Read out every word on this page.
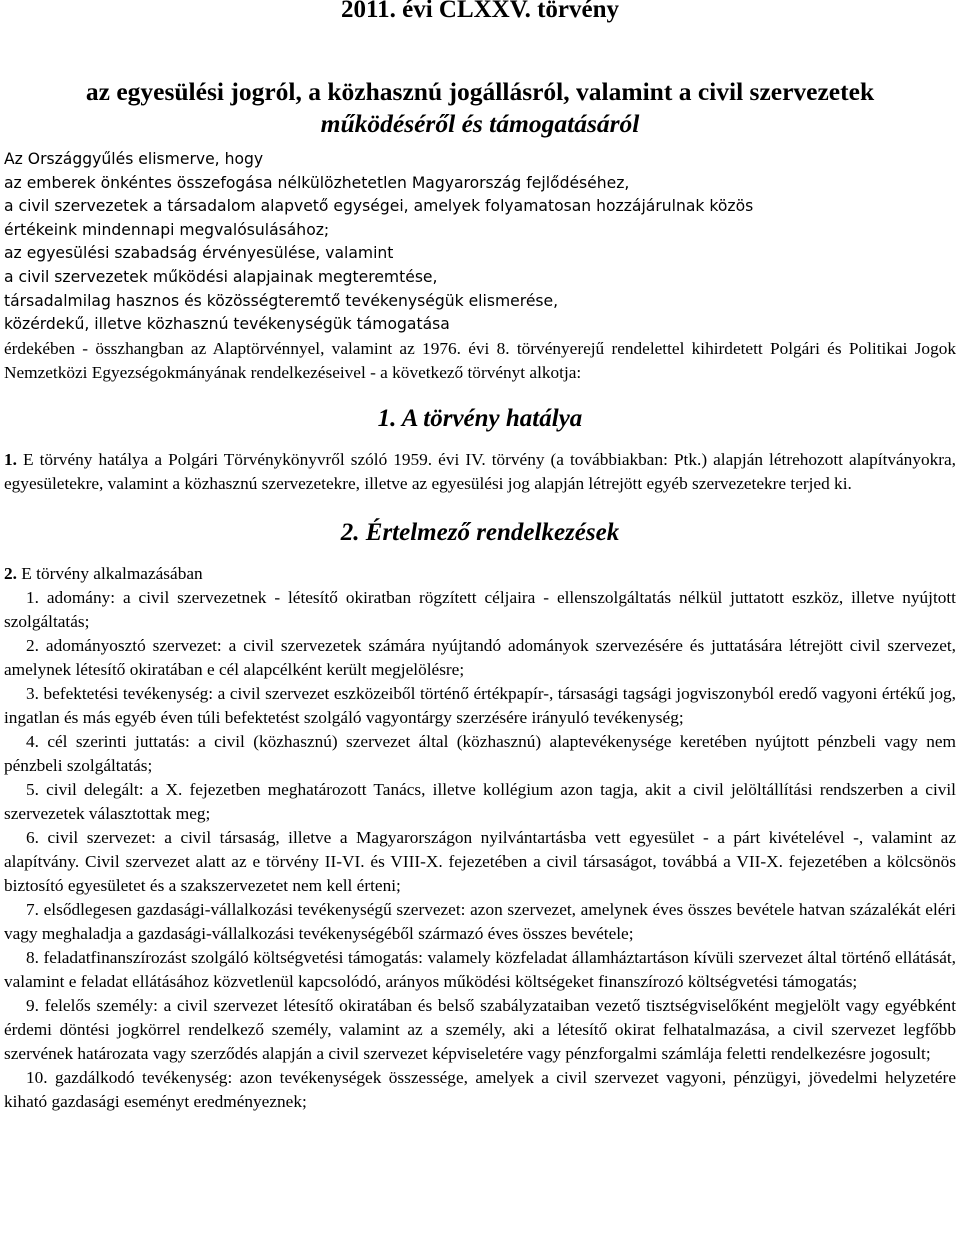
2011. évi CLXXV. törvény
az egyesülési jogról, a közhasznú jogállásról, valamint a civil szervezetek
működéséről és támogatásáról
Az Országgyűlés elismerve, hogy
az emberek önkéntes összefogása nélkülözhetetlen Magyarország fejlődéséhez,
a civil szervezetek a társadalom alapvető egységei, amelyek folyamatosan hozzájárulnak közös
értékeink mindennapi megvalósulásához;
az egyesülési szabadság érvényesülése, valamint
a civil szervezetek működési alapjainak megteremtése,
társadalmilag hasznos és közösségteremtő tevékenységük elismerése,
közérdekű, illetve közhasznú tevékenységük támogatása

érdekében - összhangban az Alaptörvénnyel, valamint az 1976. évi 8. törvényerejű rendelettel kihirdetett Polgári és Politikai Jogok Nemzetközi Egyezségokmányának rendelkezéseivel - a következő törvényt alkotja:

1. A törvény hatálya

1. E törvény hatálya a Polgári Törvénykönyvről szóló 1959. évi IV. törvény (a továbbiakban: Ptk.) alapján létrehozott alapítványokra, egyesületekre, valamint a közhasznú szervezetekre, illetve az egyesülési jog alapján létrejött egyéb szervezetekre terjed ki.

2. Értelmező rendelkezések

2. E törvény alkalmazásában

1. adomány: a civil szervezetnek - létesítő okiratban rögzített céljaira - ellenszolgáltatás nélkül juttatott eszköz, illetve nyújtott szolgáltatás;

2. adományosztó szervezet: a civil szervezetek számára nyújtandó adományok szervezésére és juttatására létrejött civil szervezet, amelynek létesítő okiratában e cél alapcélként került megjelölésre;

3. befektetési tevékenység: a civil szervezet eszközeiből történő értékpapír-, társasági tagsági jogviszonyból eredő vagyoni értékű jog, ingatlan és más egyéb éven túli befektetést szolgáló vagyontárgy szerzésére irányuló tevékenység;

4. cél szerinti juttatás: a civil (közhasznú) szervezet által (közhasznú) alaptevékenysége keretében nyújtott pénzbeli vagy nem pénzbeli szolgáltatás;

5. civil delegált: a X. fejezetben meghatározott Tanács, illetve kollégium azon tagja, akit a civil jelöltállítási rendszerben a civil szervezetek választottak meg;

6. civil szervezet: a civil társaság, illetve a Magyarországon nyilvántartásba vett egyesület - a párt kivételével -, valamint az alapítvány. Civil szervezet alatt az e törvény II-VI. és VIII-X. fejezetében a civil társaságot, továbbá a VII-X. fejezetében a kölcsönös biztosító egyesületet és a szakszervezetet nem kell érteni;

7. elsődlegesen gazdasági-vállalkozási tevékenységű szervezet: azon szervezet, amelynek éves összes bevétele hatvan százalékát eléri vagy meghaladja a gazdasági-vállalkozási tevékenységéből származó éves összes bevétele;

8. feladatfinanszírozást szolgáló költségvetési támogatás: valamely közfeladat államháztartáson kívüli szervezet által történő ellátását, valamint e feladat ellátásához közvetlenül kapcsolódó, arányos működési költségeket finanszírozó költségvetési támogatás;

9. felelős személy: a civil szervezet létesítő okiratában és belső szabályzataiban vezető tisztségviselőként megjelölt vagy egyébként érdemi döntési jogkörrel rendelkező személy, valamint az a személy, aki a létesítő okirat felhatalmazása, a civil szervezet legfőbb szervének határozata vagy szerződés alapján a civil szervezet képviseletére vagy pénzforgalmi számlája feletti rendelkezésre jogosult;

10. gazdálkodó tevékenység: azon tevékenységek összessége, amelyek a civil szervezet vagyoni, pénzügyi, jövedelmi helyzetére kiható gazdasági eseményt eredményeznek;
